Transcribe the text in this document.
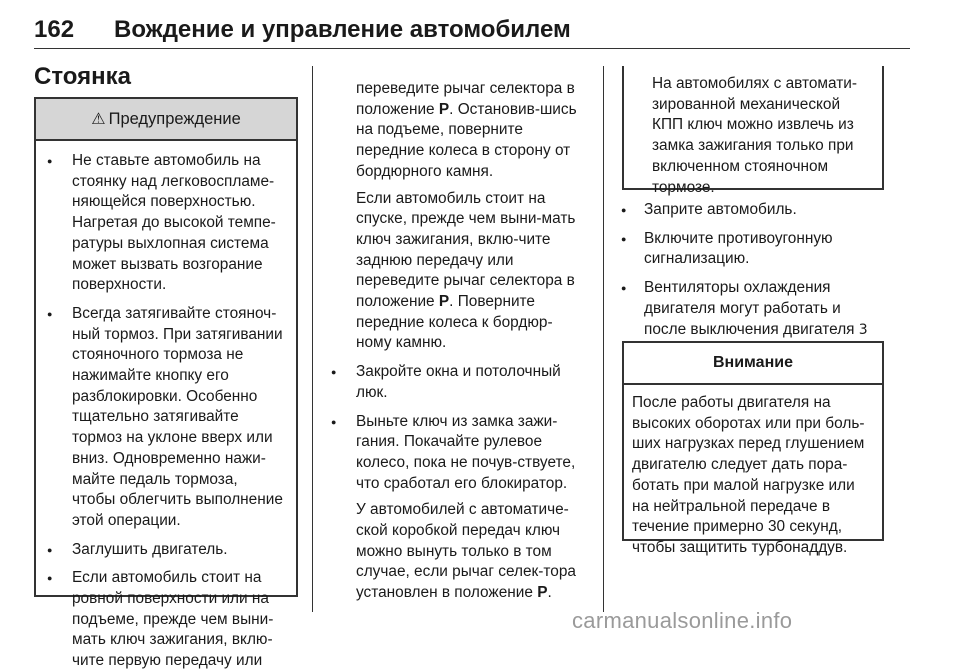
162 Вождение и управление автомобилем
Стоянка
⚠ Предупреждение
● Не ставьте автомобиль на стоянку над легковоспламе-няющейся поверхностью. Нагретая до высокой темпе-ратуры выхлопная система может вызвать возгорание поверхности.
● Всегда затягивайте стояноч-ный тормоз. При затягивании стояночного тормоза не нажимайте кнопку его разблокировки. Особенно тщательно затягивайте тормоз на уклоне вверх или вниз. Одновременно нажи-майте педаль тормоза, чтобы облегчить выполнение этой операции.
● Заглушить двигатель.
● Если автомобиль стоит на ровной поверхности или на подъеме, прежде чем выни-мать ключ зажигания, вклю-чите первую передачу или

переведите рычаг селектора в положение P. Остановив-шись на подъеме, поверните передние колеса в сторону от бордюрного камня.

Если автомобиль стоит на спуске, прежде чем выни-мать ключ зажигания, вклю-чите заднюю передачу или переведите рычаг селектора в положение P. Поверните передние колеса к бордюр-ному камню.

● Закройте окна и потолочный люк.
● Выньте ключ из замка зажи-гания. Покачайте рулевое колесо, пока не почув-ствуете, что сработал его блокиратор.

У автомобилей с автоматиче-ской коробкой передач ключ можно вынуть только в том случае, если рычаг селек-тора установлен в положение P.

На автомобилях с автомати-зированной механической КПП ключ можно извлечь из замка зажигания только при включенном стояночном тормозе.

● Заприте автомобиль.
● Включите противоугонную сигнализацию.
● Вентиляторы охлаждения двигателя могут работать и после выключения двигателя 3
Внимание

После работы двигателя на высоких оборотах или при боль-ших нагрузках перед глушением двигателю следует дать пора-ботать при малой нагрузке или на нейтральной передаче в течение примерно 30 секунд, чтобы защитить турбонаддув.

carmanualsonline.info
